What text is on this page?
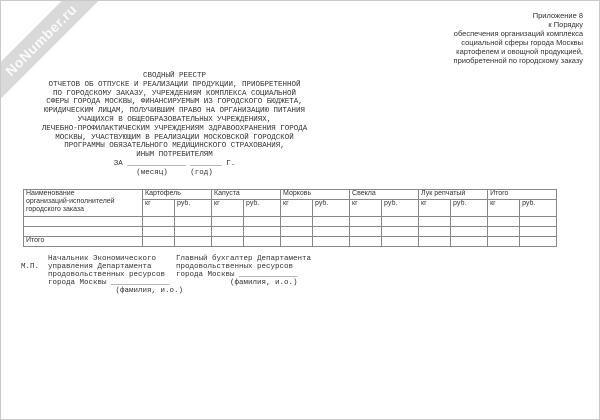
NoNumber.ru	Приложение 8
к Порядку
обеспечения организаций комплекса
социальной сферы города Москвы
картофелем и овощной продукцией,
приобретенной по городскому заказу
СВОДНЫЙ РЕЕСТР
ОТЧЕТОВ ОБ ОТПУСКЕ И РЕАЛИЗАЦИИ ПРОДУКЦИИ, ПРИОБРЕТЕННОЙ
ПО ГОРОДСКОМУ ЗАКАЗУ, УЧРЕЖДЕНИЯМ КОМПЛЕКСА СОЦИАЛЬНОЙ
СФЕРЫ ГОРОДА МОСКВЫ, ФИНАНСИРУЕМЫМ ИЗ ГОРОДСКОГО БЮДЖЕТА,
ЮРИДИЧЕСКИМ ЛИЦАМ, ПОЛУЧИВШИМ ПРАВО НА ОРГАНИЗАЦИЮ ПИТАНИЯ
УЧАЩИХСЯ В ОБЩЕОБРАЗОВАТЕЛЬНЫХ УЧРЕЖДЕНИЯХ,
ЛЕЧЕБНО-ПРОФИЛАКТИЧЕСКИМ УЧРЕЖДЕНИЯМ ЗДРАВООХРАНЕНИЯ ГОРОДА
МОСКВЫ, УЧАСТВУЮЩИМ В РЕАЛИЗАЦИИ МОСКОВСКОЙ ГОРОДСКОЙ
ПРОГРАММЫ ОБЯЗАТЕЛЬНОГО МЕДИЦИНСКОГО СТРАХОВАНИЯ,
ИНЫМ ПОТРЕБИТЕЛЯМ
ЗА _____________ _______ Г.
(месяц)     (год)
Наименование
организаций-исполнителей
городского заказа	Картофель		Капуста		Морковь		Свекла		Лук репчатый		Итого	
	кг	руб.	кг	руб.	кг	руб.	кг	руб.	кг	руб.	кг	руб.

Итого												
М.П.
Начальник Экономического
управления Департамента
продовольственных ресурсов
города Москвы _____________
(фамилия, и.о.)
Главный бухгалтер Департамента
продовольственных ресурсов
города Москвы _____________
(фамилия, и.о.)
